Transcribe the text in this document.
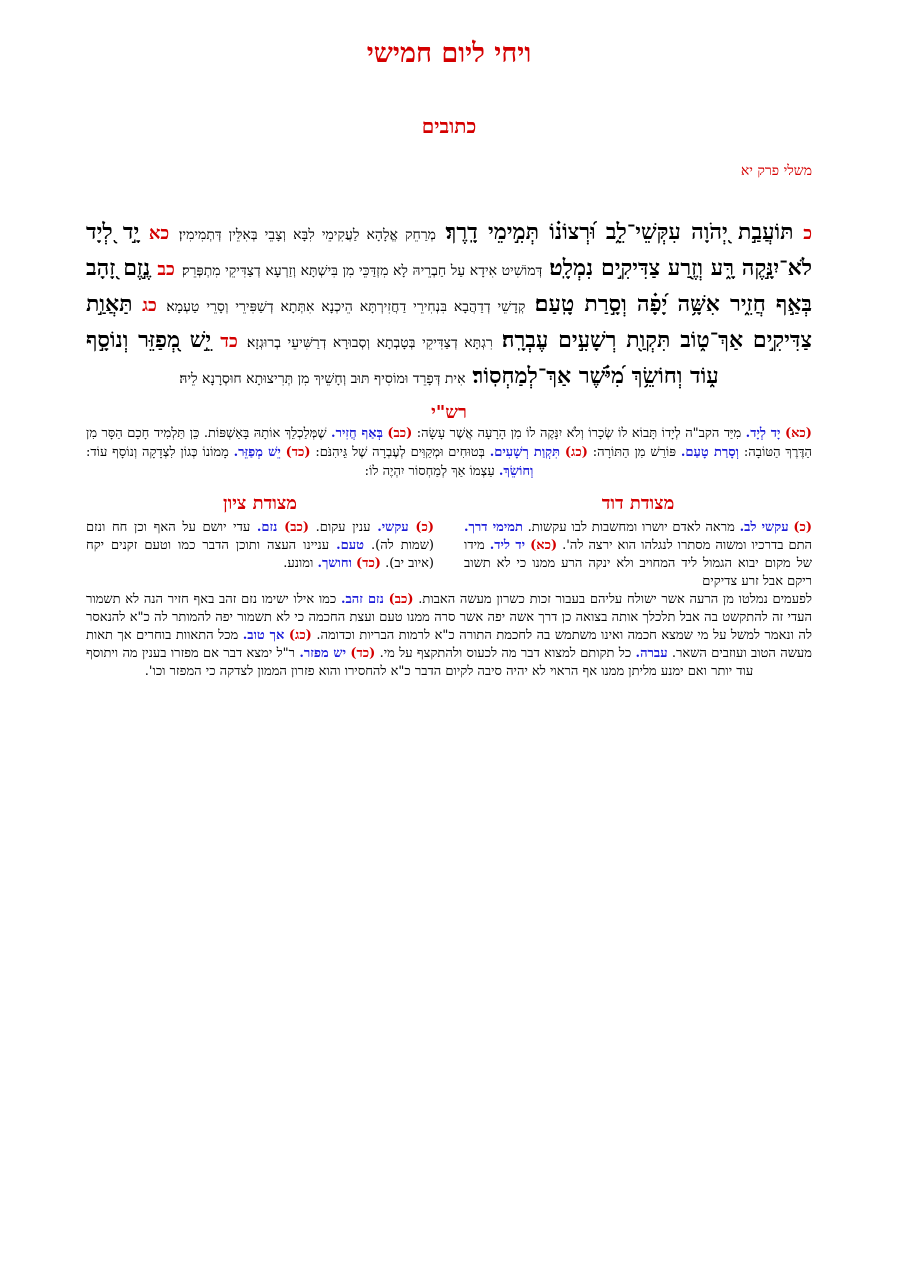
ויחי ליום חמישי
כתובים
משלי פרק יא
כ תּוֹעֲבַ֣ת יְ֭הֹוָה עִקְּשֵׁי־לֵ֑ב וּ֝רְצוֹנ֗וֹ תְּמִ֣ימֵי דָֽרֶךְ׃ מְרַחֵק אֱלָהָא לַעֲקִימֵי לִבָּא וְצָבֵי בְּאִלֵּין דְּתְמִימִין׃ כא יָ֣ד לְ֭יָד לֹא־יִנָּ֣קֶה רָּ֑ע וְזֶ֖רַע צַדִּיקִ֣ים נִמְלָֽט׃ דְּמוֹשִׁיט אִידָא עַל חַבְרֵיהּ לָא מִזְדַּכֵּי מִן בִּישְׁתָּא וְזַרְעָא דְצַדִּיקֵי מִתְפְּרֵק׃ כב נֶ֣זֶם זָ֭הָב בְּאַ֣ף חֲזִ֑יר אִשָּׁ֥ה יָ֝פָ֗ה וְסָ֣רַת טָֽעַם׃ קְדָשֵׁי דְדַהֲבָא בִּנְחִירֵי דַחֲזִירְתָּא הֵיכְנָא אִתְּתָא דְשַׁפִּירֵי וְסָרֵי טַעְמָא׃ כג תַּאֲוַ֣ת צַדִּיקִ֣ים אַךְ־ט֑וֹב תִּקְוַ֖ת רְשָׁעִ֣ים עֶבְרָֽה׃ רִגְתָּא דְצַדִּיקֵי בְּטָבְתָא וְסְבוּרָא דְרַשִּׁיעֵי בְרוּגְזָא׃ כד יֵ֣שׁ מְ֭פַזֵּר וְנוֹסָ֣ף ע֑וֹד וְחוֹשֵׂ֥ךְ מִ֝יֹּ֗שֶׁר אַךְ־לְמַחְסֽוֹר׃ אִית דְּפָרֵד וּמוֹסִיף תּוּב וְחָשֵׁיךְ מִן תְּרִיצוּתָא חוּסְרָנָא לֵיהּ׃
רש"י
(כא) יָד לְיָד. מִיַּד הקב"ה לְיָדוֹ תָּבוֹא לוֹ שְׂכָרוֹ וְלֹא יִנָּקֶה לוֹ מִן הָרָעָה אֲשֶׁר עָשָׂה: (כב) בְּאַף חֲזִיר. שֶׁמְּלַכְלֵךְ אוֹתָהּ בָּאַשְׁפּוֹת. כֵּן תַּלְמִיד חָכָם הַסָּר מִן הַדֶּרֶךְ הַטּוֹבָה: וְסָרַת טָעַם. פּוֹרֵשׁ מִן הַתּוֹרָה: (כג) תִּקְוַת רְשָׁעִים. בְּטוּחִים וּמְקַוִּים לְעֶבְרָה שֶׁל גֵּיהִנֹּם: (כד) יֵשׁ מְפַזֵּר. מָמוֹנוֹ כְּגוֹן לִצְדָקָה וְנוֹסָף עוֹד: וְחוֹשֵׂךְ. עַצְמוֹ אַךְ לְמַחְסוֹר יִהְיֶה לוֹ:
מצודת דוד
(כ) עקשי לב. מראה לאדם יושרו ומחשבות לבו עקשות. תמימי דרך. התם בדרכיו ומשוה מסתרו לנגלהו הוא ירצה לה'. (כא) יד ליד. מידו של מקום יבוא הגמול ליד המחויב ולא ינקה הרע ממנו כי לא תשוב ריקם אבל זרע צדיקים
מצודת ציון
(כ) עקשי. ענין עקום. (כב) נזם. עדי יושם על האף וכן חח ונזם (שמות לה). טעם. עניינו העצה ותוכן הדבר כמו וטעם זקנים יקח (איוב יב). (כד) וחושך. ומונע.
לפעמים נמלטו מן הרעה אשר ישולח עליהם בעבור זכות כשרון מעשה האבות. (כב) נזם זהב. כמו אילו ישימו נזם זהב באף חזיר הנה לא תשמור העדי זה להתקשט בה אבל תלכלך אותה בצואה כן דרך אשה יפה אשר סרה ממנו טעם ועצת החכמה כי לא תשמור יפה להמותר לה כ"א להנאסר לה ונאמר למשל על מי שמצא חכמה ואינו משתמש בה לחכמת התורה כ"א לרמות הבריות וכדומה. (כג) אך טוב. מכל התאוות בוחרים אך תאות מעשה הטוב ועוזבים השאר. עברה. כל תקותם למצוא דבר מה לכעוס ולהתקצף על מי. (כד) יש מפזר. ר"ל ימצא דבר אם מפזרו בענין מה ויתוסף עוד יותר ואם ימנע מליתן ממנו אף הראוי לא יהיה סיבה לקיום הדבר כ"א להחסירו והוא פזרון הממון לצדקה כי המפזר וכו'.
